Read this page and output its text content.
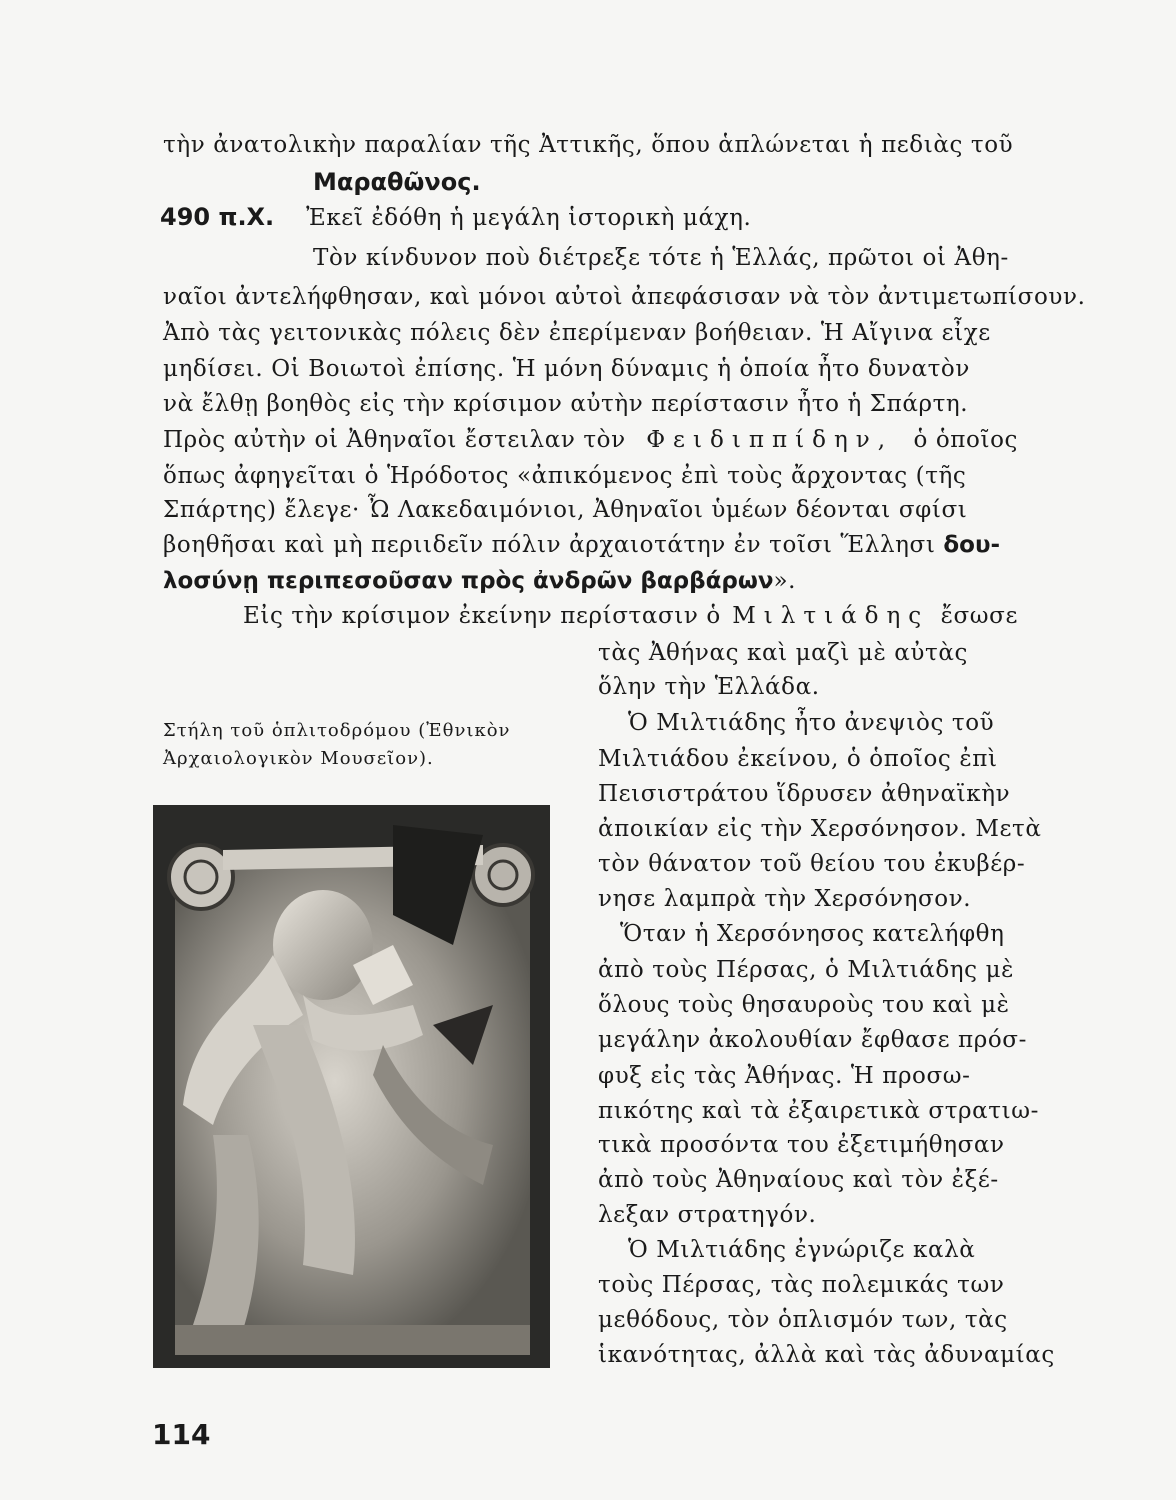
τὴν ἀνατολικὴν παραλίαν τῆς Ἀττικῆς, ὅπου ἁπλώνεται ἡ πεδιὰς τοῦ
Μαραθῶνος.
490 π.Χ. Ἐκεῖ ἐδόθη ἡ μεγάλη ἱστορικὴ μάχη.
Τὸν κίνδυνον ποὺ διέτρεξε τότε ἡ Ἑλλάς, πρῶτοι οἱ Ἀθη-
ναῖοι ἀντελήφθησαν, καὶ μόνοι αὐτοὶ ἀπεφάσισαν νὰ τὸν ἀντιμετωπίσουν.
Ἀπὸ τὰς γειτονικὰς πόλεις δὲν ἐπερίμεναν βοήθειαν. Ἡ Αἴγινα εἶχε
μηδίσει. Οἱ Βοιωτοὶ ἐπίσης. Ἡ μόνη δύναμις ἡ ὁποία ἦτο δυνατὸν
νὰ ἔλθῃ βοηθὸς εἰς τὴν κρίσιμον αὐτὴν περίστασιν ἦτο ἡ Σπάρτη.
Πρὸς αὐτὴν οἱ Ἀθηναῖοι ἔστειλαν τὸν Φειδιππίδην, ὁ ὁποῖος
ὅπως ἀφηγεῖται ὁ Ἡρόδοτος «ἀπικόμενος ἐπὶ τοὺς ἄρχοντας (τῆς
Σπάρτης) ἔλεγε· Ὦ Λακεδαιμόνιοι, Ἀθηναῖοι ὑμέων δέονται σφίσι
βοηθῆσαι καὶ μὴ περιιδεῖν πόλιν ἀρχαιοτάτην ἐν τοῖσι Ἕλλησι δου-
λοσύνῃ περιπεσοῦσαν πρὸς ἀνδρῶν βαρβάρων».
Εἰς τὴν κρίσιμον ἐκείνην περίστασιν ὁ Μιλτιάδης ἔσωσε
τὰς Ἀθήνας καὶ μαζὶ μὲ αὐτὰς
ὅλην τὴν Ἑλλάδα.
Ὁ Μιλτιάδης ἦτο ἀνεψιὸς τοῦ
Μιλτιάδου ἐκείνου, ὁ ὁποῖος ἐπὶ
Πεισιστράτου ἵδρυσεν ἀθηναϊκὴν
ἀποικίαν εἰς τὴν Χερσόνησον. Μετὰ
τὸν θάνατον τοῦ θείου του ἐκυβέρ-
νησε λαμπρὰ τὴν Χερσόνησον.
Ὅταν ἡ Χερσόνησος κατελήφθη
ἀπὸ τοὺς Πέρσας, ὁ Μιλτιάδης μὲ
ὅλους τοὺς θησαυροὺς του καὶ μὲ
μεγάλην ἀκολουθίαν ἔφθασε πρόσ-
φυξ εἰς τὰς Ἀθήνας. Ἡ προσω-
πικότης καὶ τὰ ἐξαιρετικὰ στρατιω-
τικὰ προσόντα του ἐξετιμήθησαν
ἀπὸ τοὺς Ἀθηναίους καὶ τὸν ἐξέ-
λεξαν στρατηγόν.
Ὁ Μιλτιάδης ἐγνώριζε καλὰ
τοὺς Πέρσας, τὰς πολεμικάς των
μεθόδους, τὸν ὁπλισμόν των, τὰς
ἱκανότητας, ἀλλὰ καὶ τὰς ἀδυναμίας
Στήλη τοῦ ὁπλιτοδρόμου (Ἐθνικὸν
Ἀρχαιολογικὸν Μουσεῖον).
114
